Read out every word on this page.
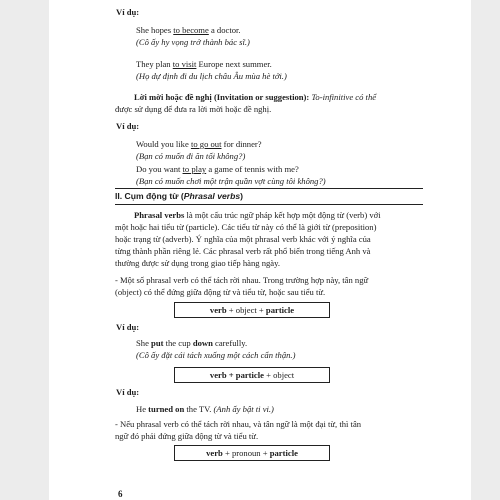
Ví dụ:
She hopes to become a doctor.
(Cô ấy hy vọng trở thành bác sĩ.)
They plan to visit Europe next summer.
(Họ dự định đi du lịch châu Âu mùa hè tới.)
Lời mời hoặc đề nghị (Invitation or suggestion): To-infinitive có thể
được sử dụng để đưa ra lời mời hoặc đề nghị.
Ví dụ:
Would you like to go out for dinner?
(Bạn có muốn đi ăn tối không?)
Do you want to play a game of tennis with me?
(Bạn có muốn chơi một trận quần vợt cùng tôi không?)
II. Cụm động từ (Phrasal verbs)
Phrasal verbs là một cấu trúc ngữ pháp kết hợp một động từ (verb) với
một hoặc hai tiểu từ (particle). Các tiểu từ này có thể là giới từ (preposition)
hoặc trạng từ (adverb). Ý nghĩa của một phrasal verb khác với ý nghĩa của
từng thành phần riêng lẻ. Các phrasal verb rất phổ biến trong tiếng Anh và
thường được sử dụng trong giao tiếp hàng ngày.
- Một số phrasal verb có thể tách rời nhau. Trong trường hợp này, tân ngữ
(object) có thể đứng giữa động từ và tiểu từ, hoặc sau tiểu từ.
verb + object + particle
Ví dụ:
She put the cup down carefully.
(Cô ấy đặt cái tách xuống một cách cẩn thận.)
verb + particle + object
Ví dụ:
He turned on the TV. (Anh ấy bật ti vi.)
- Nếu phrasal verb có thể tách rời nhau, và tân ngữ là một đại từ, thì tân
ngữ đó phải đứng giữa động từ và tiểu từ.
verb + pronoun + particle
6
